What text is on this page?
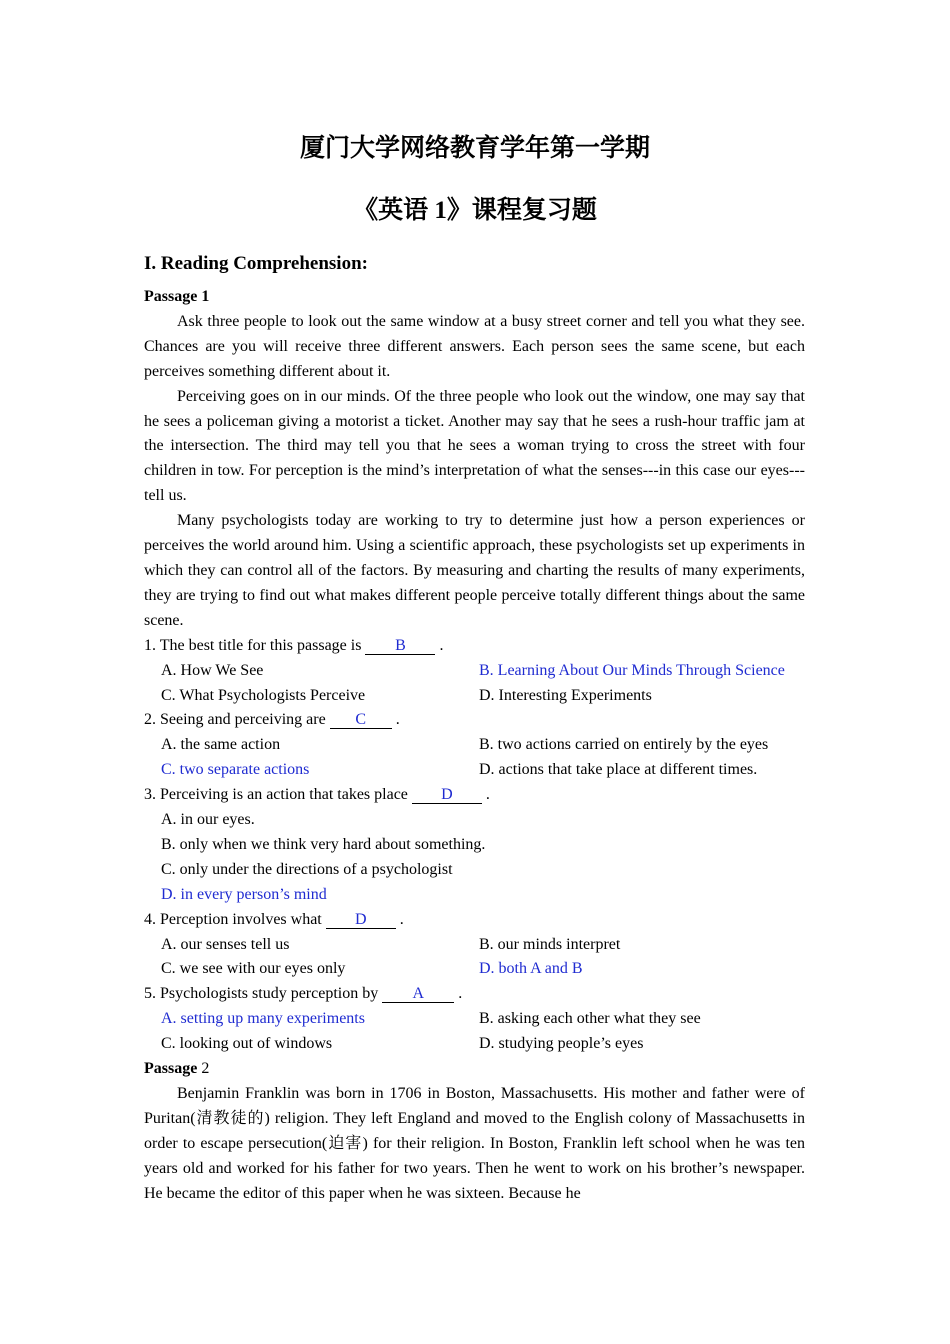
厦门大学网络教育学年第一学期
《英语 1》课程复习题
I. Reading Comprehension:

Passage 1

Ask three people to look out the same window at a busy street corner and tell you what they see. Chances are you will receive three different answers. Each person sees the same scene, but each perceives something different about it.

Perceiving goes on in our minds. Of the three people who look out the window, one may say that he sees a policeman giving a motorist a ticket. Another may say that he sees a rush-hour traffic jam at the intersection. The third may tell you that he sees a woman trying to cross the street with four children in tow. For perception is the mind’s interpretation of what the senses---in this case our eyes---tell us.

Many psychologists today are working to try to determine just how a person experiences or perceives the world around him. Using a scientific approach, these psychologists set up experiments in which they can control all of the factors. By measuring and charting the results of many experiments, they are trying to find out what makes different people perceive totally different things about the same scene.

1. The best title for this passage is B .

A. How We See	B. Learning About Our Minds Through Science
C. What Psychologists Perceive	D. Interesting Experiments

2. Seeing and perceiving are C .

A. the same action	B. two actions carried on entirely by the eyes
C. two separate actions	D. actions that take place at different times.

3. Perceiving is an action that takes place D .

A. in our eyes.
B. only when we think very hard about something.
C. only under the directions of a psychologist
D. in every person’s mind

4. Perception involves what D .

A. our senses tell us	B. our minds interpret
C. we see with our eyes only	D. both A and B

5. Psychologists study perception by A .

A. setting up many experiments	B. asking each other what they see
C. looking out of windows	D. studying people’s eyes

Passage 2

Benjamin Franklin was born in 1706 in Boston, Massachusetts. His mother and father were of Puritan(清教徒的) religion. They left England and moved to the English colony of Massachusetts in order to escape persecution(迫害) for their religion. In Boston, Franklin left school when he was ten years old and worked for his father for two years. Then he went to work on his brother’s newspaper. He became the editor of this paper when he was sixteen. Because he
